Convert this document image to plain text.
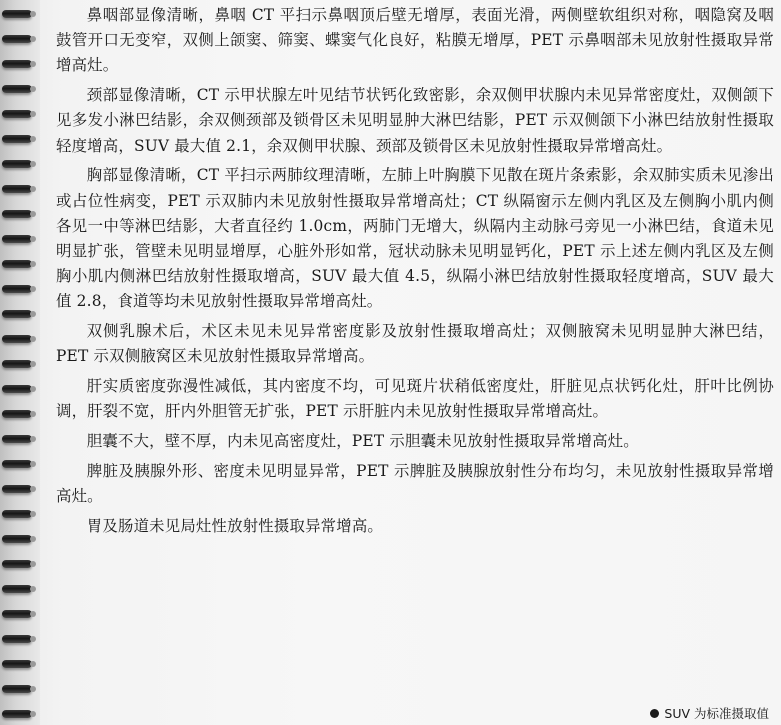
鼻咽部显像清晰，鼻咽 CT 平扫示鼻咽顶后壁无增厚，表面光滑，两侧壁软组织对称，咽隐窝及咽鼓管开口无变窄，双侧上颌窦、筛窦、蝶窦气化良好，粘膜无增厚，PET 示鼻咽部未见放射性摄取异常增高灶。

颈部显像清晰，CT 示甲状腺左叶见结节状钙化致密影，余双侧甲状腺内未见异常密度灶，双侧颌下见多发小淋巴结影，余双侧颈部及锁骨区未见明显肿大淋巴结影，PET 示双侧颌下小淋巴结放射性摄取轻度增高，SUV 最大值 2.1，余双侧甲状腺、颈部及锁骨区未见放射性摄取异常增高灶。

胸部显像清晰，CT 平扫示两肺纹理清晰，左肺上叶胸膜下见散在斑片条索影，余双肺实质未见渗出或占位性病变，PET 示双肺内未见放射性摄取异常增高灶；CT 纵隔窗示左侧内乳区及左侧胸小肌内侧各见一中等淋巴结影，大者直径约 1.0cm，两肺门无增大，纵隔内主动脉弓旁见一小淋巴结，食道未见明显扩张，管壁未见明显增厚，心脏外形如常，冠状动脉未见明显钙化，PET 示上述左侧内乳区及左侧胸小肌内侧淋巴结放射性摄取增高，SUV 最大值 4.5，纵隔小淋巴结放射性摄取轻度增高，SUV 最大值 2.8，食道等均未见放射性摄取异常增高灶。

双侧乳腺术后，术区未见未见异常密度影及放射性摄取增高灶；双侧腋窝未见明显肿大淋巴结，PET 示双侧腋窝区未见放射性摄取异常增高。

肝实质密度弥漫性减低，其内密度不均，可见斑片状稍低密度灶，肝脏见点状钙化灶，肝叶比例协调，肝裂不宽，肝内外胆管无扩张，PET 示肝脏内未见放射性摄取异常增高灶。

胆囊不大，壁不厚，内未见高密度灶，PET 示胆囊未见放射性摄取异常增高灶。

脾脏及胰腺外形、密度未见明显异常，PET 示脾脏及胰腺放射性分布均匀，未见放射性摄取异常增高灶。

胃及肠道未见局灶性放射性摄取异常增高。

SUV 为标准摄取值
